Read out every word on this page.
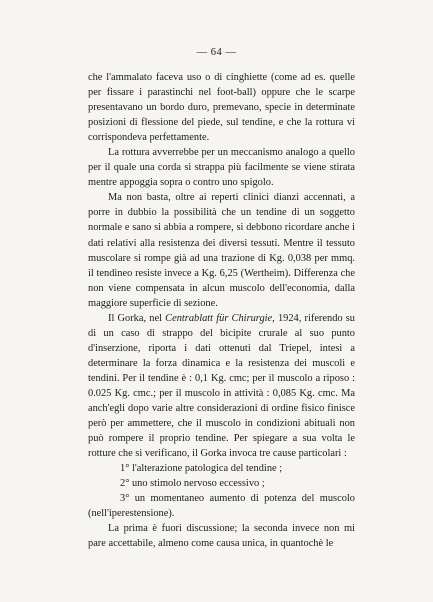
— 64 —

che l'ammalato faceva uso o di cinghiette (come ad es. quelle per fissare i parastinchi nel foot-ball) oppure che le scarpe presentavano un bordo duro, premevano, specie in determinate posizioni di flessione del piede, sul tendine, e che la rottura vi corrispondeva perfettamente.

La rottura avverrebbe per un meccanismo analogo a quello per il quale una corda si strappa più facilmente se viene stirata mentre appoggia sopra o contro uno spigolo.

Ma non basta, oltre ai reperti clinici dianzi accennati, a porre in dubbio la possibilità che un tendine di un soggetto normale e sano si abbia a rompere, si debbono ricordare anche i dati relativi alla resistenza dei diversi tessuti. Mentre il tessuto muscolare si rompe già ad una trazione di Kg. 0,038 per mmq. il tendineo resiste invece a Kg. 6,25 (Wertheim). Differenza che non viene compensata in alcun muscolo dell'economia, dalla maggiore superficie di sezione.

Il Gorka, nel Centrablatt für Chirurgie, 1924, riferendo su di un caso di strappo del bicipite crurale al suo punto d'inserzione, riporta i dati ottenuti dal Triepel, intesi a determinare la forza dinamica e la resistenza dei muscoli e tendini. Per il tendine è : 0,1 Kg. cmc; per il muscolo a riposo : 0.025 Kg. cmc.; per il muscolo in attività : 0,085 Kg. cmc. Ma anch'egli dopo varie altre considerazioni di ordine fisico finisce però per ammettere, che il muscolo in condizioni abituali non può rompere il proprio tendine. Per spiegare a sua volta le rotture che si verificano, il Gorka invoca tre cause particolari :

1° l'alterazione patologica del tendine ;

2° uno stimolo nervoso eccessivo ;

3° un momentaneo aumento di potenza del muscolo (nell'iperestensione).

La prima è fuori discussione; la seconda invece non mi pare accettabile, almeno come causa unica, in quantochè le
